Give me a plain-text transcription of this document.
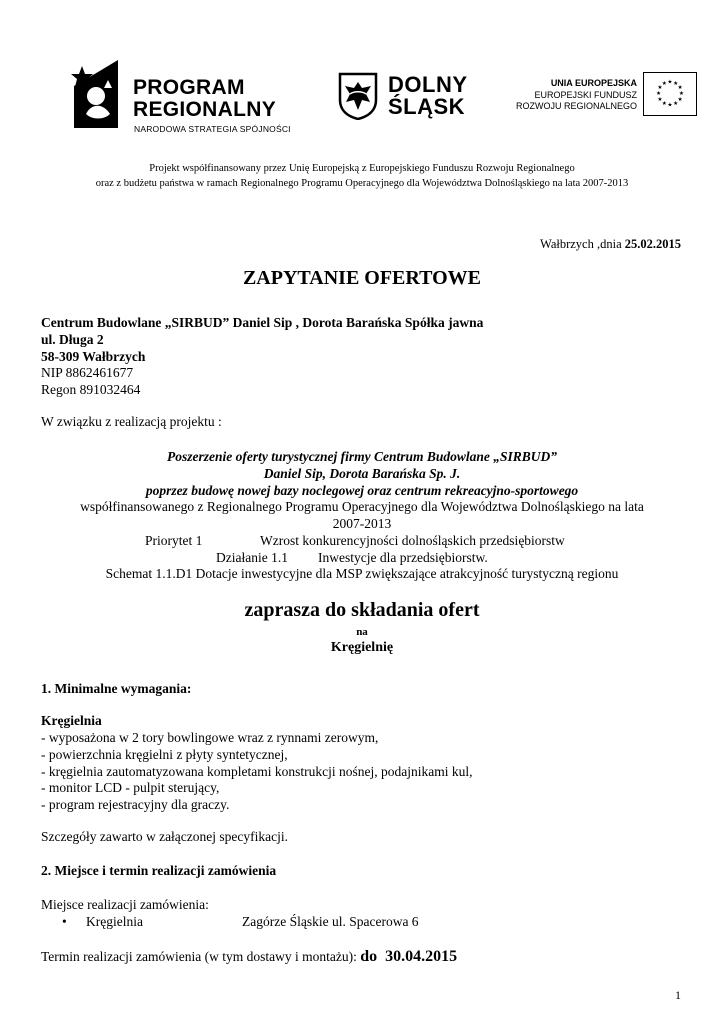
PROGRAM
REGIONALNY
NARODOWA STRATEGIA SPÓJNOŚCI
DOLNY
ŚLĄSK
UNIA EUROPEJSKA
EUROPEJSKI FUNDUSZ
ROZWOJU REGIONALNEGO
★ ★
★
★
★
★
★
★
★
★
★
★
Projekt współfinansowany przez Unię Europejską z Europejskiego Funduszu Rozwoju Regionalnego
oraz z budżetu państwa w ramach Regionalnego Programu Operacyjnego dla Województwa Dolnośląskiego na lata 2007-2013
Wałbrzych ,dnia 25.02.2015
ZAPYTANIE OFERTOWE
Centrum Budowlane „SIRBUD” Daniel Sip , Dorota Barańska Spółka jawna
ul. Długa 2
58-309 Wałbrzych
NIP 8862461677
Regon 891032464
W związku z realizacją projektu :
Poszerzenie oferty turystycznej firmy Centrum Budowlane „SIRBUD”
Daniel Sip, Dorota Barańska Sp. J.
poprzez budowę nowej bazy noclegowej oraz centrum rekreacyjno-sportowego
współfinansowanego z Regionalnego Programu Operacyjnego dla Województwa Dolnośląskiego na lata
2007-2013
Priorytet 1	Wzrost konkurencyjności dolnośląskich przedsiębiorstw
Działanie 1.1 Inwestycje dla przedsiębiorstw.
Schemat 1.1.D1 Dotacje inwestycyjne dla MSP zwiększające atrakcyjność turystyczną regionu
zaprasza do składania ofert
na
Kręgielnię
1. Minimalne wymagania:
Kręgielnia
- wyposażona w 2 tory bowlingowe wraz z rynnami zerowym,
- powierzchnia kręgielni z płyty syntetycznej,
- kręgielnia zautomatyzowana kompletami konstrukcji nośnej, podajnikami kul,
- monitor LCD - pulpit sterujący,
- program rejestracyjny dla graczy.
Szczegóły zawarto w załączonej specyfikacji.
2. Miejsce i termin realizacji zamówienia
Miejsce realizacji zamówienia:
• Kręgielnia	Zagórze Śląskie ul. Spacerowa 6
Termin realizacji zamówienia (w tym dostawy i montażu): do 30.04.2015
1
